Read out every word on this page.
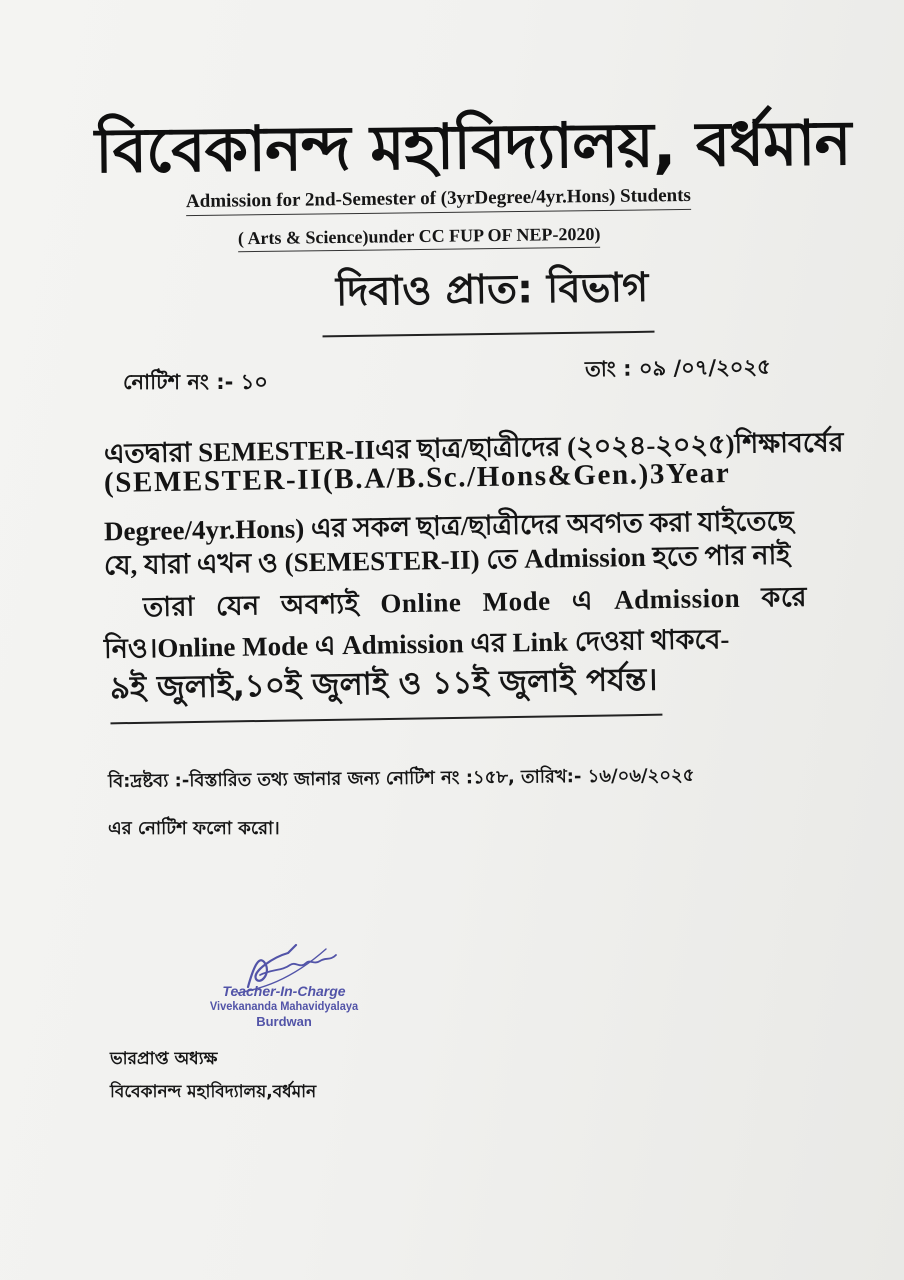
বিবেকানন্দ মহাবিদ্যালয়, বর্ধমান
Admission for 2nd-Semester of (3yrDegree/4yr.Hons) Students
( Arts & Science)under CC FUP OF NEP-2020)
দিবাও প্রাত: বিভাগ
নোটিশ নং :- ১০
তাং : ০৯ /০৭/২০২৫
এতদ্বারা SEMESTER-IIএর ছাত্র/ছাত্রীদের (২০২৪-২০২৫)শিক্ষাবর্ষের
(SEMESTER-II(B.A/B.Sc./Hons&Gen.)3Year
Degree/4yr.Hons) এর সকল ছাত্র/ছাত্রীদের অবগত করা যাইতেছে
যে, যারা এখন ও (SEMESTER-II) তে Admission হতে পার নাই
তারা যেন অবশ্যই Online Mode এ Admission করে
নিও।Online Mode এ Admission এর Link দেওয়া থাকবে-
৯ই জুলাই,১০ই জুলাই ও ১১ই জুলাই পর্যন্ত।
বি:দ্রষ্টব্য :-বিস্তারিত তথ্য জানার জন্য নোটিশ নং :১৫৮, তারিখ:- ১৬/০৬/২০২৫
এর নোটিশ ফলো করো।
Teacher-In-Charge
Vivekananda Mahavidyalaya
Burdwan
ভারপ্রাপ্ত অধ্যক্ষ
বিবেকানন্দ মহাবিদ্যালয়,বর্ধমান
